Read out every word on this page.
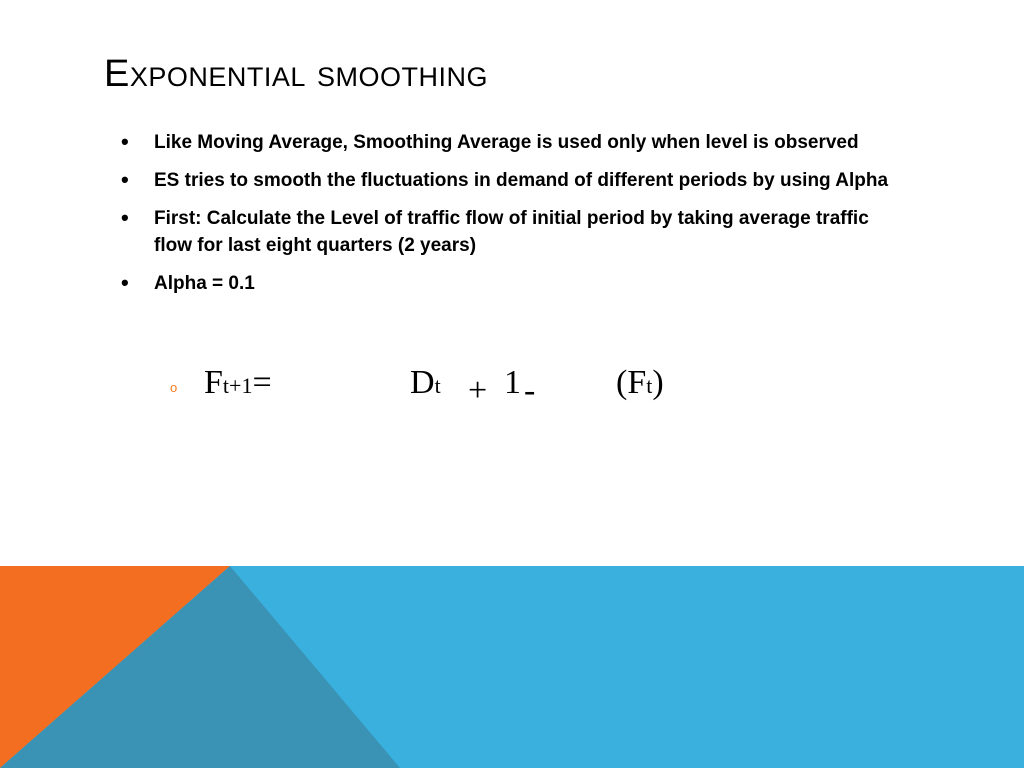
Exponential smoothing
• Like Moving Average, Smoothing Average is used only when level is observed
• ES tries to smooth the fluctuations in demand of different periods by using Alpha
• First: Calculate the Level of traffic flow of initial period by taking average traffic flow for last eight quarters (2 years)
• Alpha = 0.1
o Ft+1=	Dt + 1 - (Ft)
